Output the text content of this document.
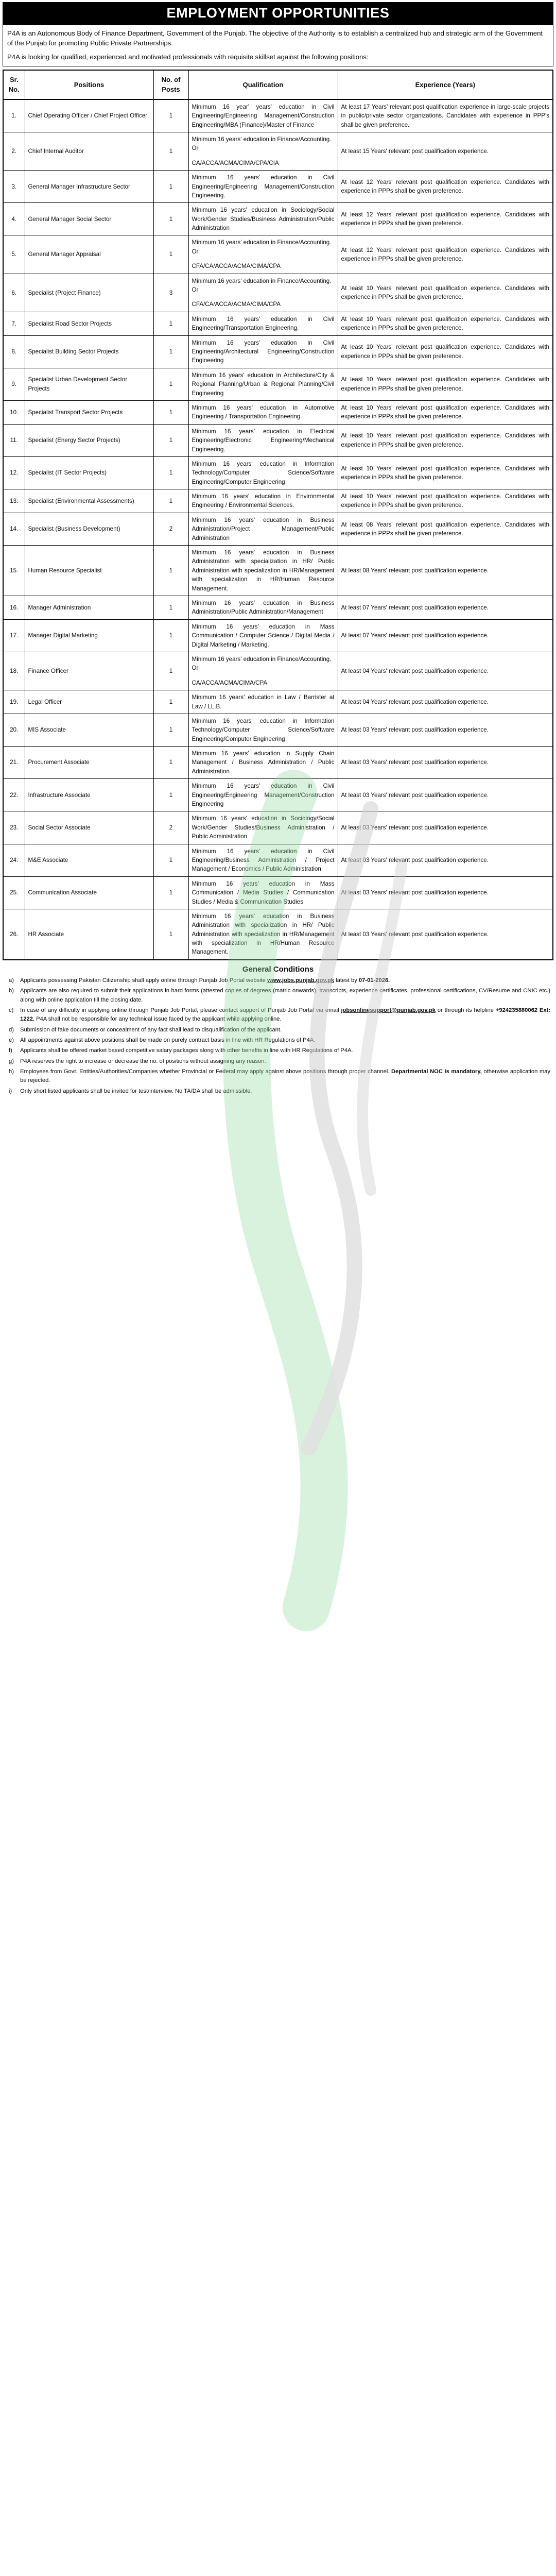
EMPLOYMENT OPPORTUNITIES

P4A is an Autonomous Body of Finance Department, Government of the Punjab. The objective of the Authority is to establish a centralized hub and strategic arm of the Government of the Punjab for promoting Public Private Partnerships.

P4A is looking for qualified, experienced and motivated professionals with requisite skillset against the following positions:

Sr. No.	Positions	No. of Posts	Qualification	Experience (Years)
1.	Chief Operating Officer / Chief Project Officer	1	Minimum 16 year' years' education in Civil Engineering/Engineering Management/Construction Engineering/MBA (Finance)/Master of Finance	At least 17 Years' relevant post qualification experience in large-scale projects in public/private sector organizations. Candidates with experience in PPP's shall be given preference.
2.	Chief Internal Auditor	1	Minimum 16 years' education in Finance/Accounting.
Or
CA/ACCA/ACMA/CIMA/CPA/CIA	At least 15 Years' relevant post qualification experience.
3.	General Manager Infrastructure Sector	1	Minimum 16 years' education in Civil Engineering/Engineering Management/Construction Engineering.	At least 12 Years' relevant post qualification experience. Candidates with experience in PPPs shall be given preference.
4.	General Manager Social Sector	1	Minimum 16 years' education in Sociology/Social Work/Gender Studies/Business Administration/Public Administration	At least 12 Years' relevant post qualification experience. Candidates with experience in PPPs shall be given preference.
5.	General Manager Appraisal	1	Minimum 16 years' education in Finance/Accounting.
Or
CFA/CA/ACCA/ACMA/CIMA/CPA	At least 12 Years' relevant post qualification experience. Candidates with experience in PPPs shall be given preference.
6.	Specialist (Project Finance)	3	Minimum 16 years' education in Finance/Accounting.
Or
CFA/CA/ACCA/ACMA/CIMA/CPA	At least 10 Years' relevant post qualification experience. Candidates with experience in PPPs shall be given preference.
7.	Specialist Road Sector Projects	1	Minimum 16 years' education in Civil Engineering/Transportation Engineering.	At least 10 Years' relevant post qualification experience. Candidates with experience in PPPs shall be given preference.
8.	Specialist Building Sector Projects	1	Minimum 16 years' education in Civil Engineering/Architectural Engineering/Construction Engineering	At least 10 Years' relevant post qualification experience. Candidates with experience in PPPs shall be given preference.
9.	Specialist Urban Development Sector Projects	1	Minimum 16 years' education in Architecture/City & Regional Planning/Urban & Regional Planning/Civil Engineering	At least 10 Years' relevant post qualification experience. Candidates with experience in PPPs shall be given preference.
10.	Specialist Transport Sector Projects	1	Minimum 16 years' education in Automotive Engineering / Transportation Engineering.	At least 10 Years' relevant post qualification experience. Candidates with experience in PPPs shall be given preference.
11.	Specialist (Energy Sector Projects)	1	Minimum 16 years' education in Electrical Engineering/Electronic Engineering/Mechanical Engineering.	At least 10 Years' relevant post qualification experience. Candidates with experience in PPPs shall be given preference.
12.	Specialist (IT Sector Projects)	1	Minimum 16 years' education in Information Technology/Computer Science/Software Engineering/Computer Engineering	At least 10 Years' relevant post qualification experience. Candidates with experience in PPPs shall be given preference.
13.	Specialist (Environmental Assessments)	1	Minimum 16 years' education in Environmental Engineering / Environmental Sciences.	At least 10 Years' relevant post qualification experience. Candidates with experience in PPPs shall be given preference.
14.	Specialist (Business Development)	2	Minimum 16 years' education in Business Administration/Project Management/Public Administration	At least 08 Years' relevant post qualification experience. Candidates with experience in PPPs shall be given preference.
15.	Human Resource Specialist	1	Minimum 16 years' education in Business Administration with specialization in HR/ Public Administration with specialization in HR/Management with specialization in HR/Human Resource Management.	At least 08 Years' relevant post qualification experience.
16.	Manager Administration	1	Minimum 16 years' education in Business Administration/Public Administration/Management	At least 07 Years' relevant post qualification experience.
17.	Manager Digital Marketing	1	Minimum 16 years' education in Mass Communication / Computer Science / Digital Media / Digital Marketing / Marketing.	At least 07 Years' relevant post qualification experience.
18.	Finance Officer	1	Minimum 16 years' education in Finance/Accounting.
Or
CA/ACCA/ACMA/CIMA/CPA	At least 04 Years' relevant post qualification experience.
19.	Legal Officer	1	Minimum 16 years' education in Law / Barrister at Law / LL.B.	At least 04 Years' relevant post qualification experience.
20.	MIS Associate	1	Minimum 16 years' education in Information Technology/Computer Science/Software Engineering/Computer Engineering	At least 03 Years' relevant post qualification experience.
21.	Procurement Associate	1	Minimum 16 years' education in Supply Chain Management / Business Administration / Public Administration	At least 03 Years' relevant post qualification experience.
22.	Infrastructure Associate	1	Minimum 16 years' education in Civil Engineering/Engineering Management/Construction Engineering	At least 03 Years' relevant post qualification experience.
23.	Social Sector Associate	2	Minimum 16 years' education in Sociology/Social Work/Gender Studies/Business Administration / Public Administration	At least 03 Years' relevant post qualification experience.
24.	M&E Associate	1	Minimum 16 years' education in Civil Engineering/Business Administration / Project Management / Economics / Public Administration	At least 03 Years' relevant post qualification experience.
25.	Communication Associate	1	Minimum 16 years' education in Mass Communication / Media Studies / Communication Studies / Media & Communication Studies	At least 03 Years' relevant post qualification experience.
26.	HR Associate	1	Minimum 16 years' education in Business Administration with specialization in HR/ Public Administration with specialization in HR/Management with specialization in HR/Human Resource Management.	At least 03 Years' relevant post qualification experience.
General Conditions
Applicants possessing Pakistan Citizenship shall apply online through Punjab Job Portal website www.jobs.punjab.gov.pk latest by 07-01-2026.
Applicants are also required to submit their applications in hard forms (attested copies of degrees (matric onwards), transcripts, experience certificates, professional certifications, CV/Resume and CNIC etc.) along with online application till the closing date.
In case of any difficulty in applying online through Punjab Job Portal, please contact support of Punjab Job Portal via email jobsonlinesupport@punjab.gov.pk or through its helpline +924235880062 Ext: 1222. P4A shall not be responsible for any technical issue faced by the applicant while applying online.
Submission of fake documents or concealment of any fact shall lead to disqualification of the applicant.
All appointments against above positions shall be made on purely contract basis in line with HR Regulations of P4A.
Applicants shall be offered market based competitive salary packages along with other benefits in line with HR Regulations of P4A.
P4A reserves the right to increase or decrease the no. of positions without assigning any reason.
Employees from Govt. Entities/Authorities/Companies whether Provincial or Federal may apply against above positions through proper channel. Departmental NOC is mandatory, otherwise application may be rejected.
Only short listed applicants shall be invited for test/interview. No TA/DA shall be admissible.
